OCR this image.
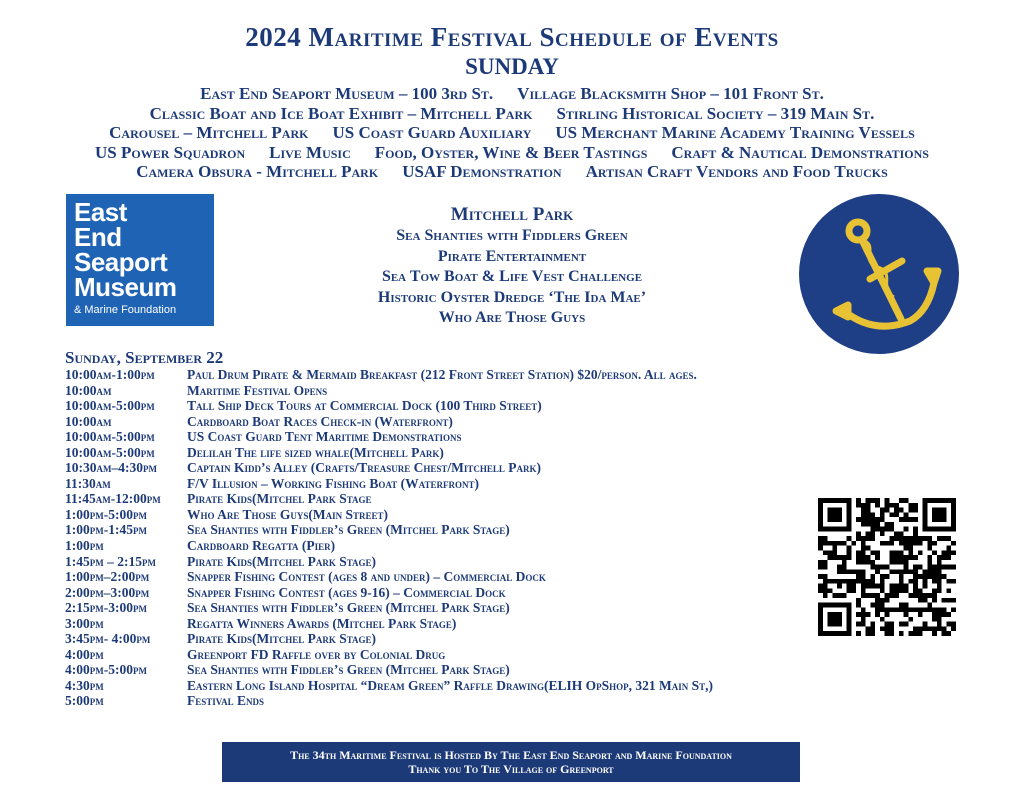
2024 Maritime Festival Schedule of Events
SUNDAY
East End Seaport Museum – 100 3rd St. Village Blacksmith Shop – 101 Front St.
Classic Boat and Ice Boat Exhibit – Mitchell Park Stirling Historical Society – 319 Main St.
Carousel – Mitchell Park US Coast Guard Auxiliary US Merchant Marine Academy Training Vessels
US Power Squadron Live Music Food, Oyster, Wine & Beer Tastings Craft & Nautical Demonstrations
Camera Obsura - Mitchell Park USAF Demonstration Artisan Craft Vendors and Food Trucks
East
End
Seaport
Museum
& Marine Foundation
Mitchell Park
Sea Shanties with Fiddlers Green
Pirate Entertainment
Sea Tow Boat & Life Vest Challenge
Historic Oyster Dredge ‘The Ida Mae’
Who Are Those Guys
Sunday, September 22
10:00am-1:00pm	Paul Drum Pirate & Mermaid Breakfast (212 Front Street Station) $20/person. All ages.
10:00am	Maritime Festival Opens
10:00am-5:00pm	Tall Ship Deck Tours at Commercial Dock (100 Third Street)
10:00am	Cardboard Boat Races Check-in (Waterfront)
10:00am-5:00pm	US Coast Guard Tent Maritime Demonstrations
10:00am-5:00pm	Delilah The life sized whale(Mitchell Park)
10:30am–4:30pm	Captain Kidd’s Alley (Crafts/Treasure Chest/Mitchell Park)
11:30am	F/V Illusion – Working Fishing Boat (Waterfront)
11:45am-12:00pm	Pirate Kids(Mitchel Park Stage
1:00pm-5:00pm	Who Are Those Guys(Main Street)
1:00pm-1:45pm	Sea Shanties with Fiddler’s Green (Mitchel Park Stage)
1:00pm	Cardboard Regatta (Pier)
1:45pm – 2:15pm	Pirate Kids(Mitchel Park Stage)
1:00pm–2:00pm	Snapper Fishing Contest (ages 8 and under) – Commercial Dock
2:00pm–3:00pm	Snapper Fishing Contest (ages 9-16) – Commercial Dock
2:15pm-3:00pm	Sea Shanties with Fiddler’s Green (Mitchel Park Stage)
3:00pm	Regatta Winners Awards (Mitchel Park Stage)
3:45pm- 4:00pm	Pirate Kids(Mitchel Park Stage)
4:00pm	Greenport FD Raffle over by Colonial Drug
4:00pm-5:00pm	Sea Shanties with Fiddler’s Green (Mitchel Park Stage)
4:30pm	Eastern Long Island Hospital “Dream Green” Raffle Drawing(ELIH OpShop, 321 Main St,)
5:00pm	Festival Ends
The 34th Maritime Festival is Hosted By The East End Seaport and Marine Foundation
Thank you To The Village of Greenport
